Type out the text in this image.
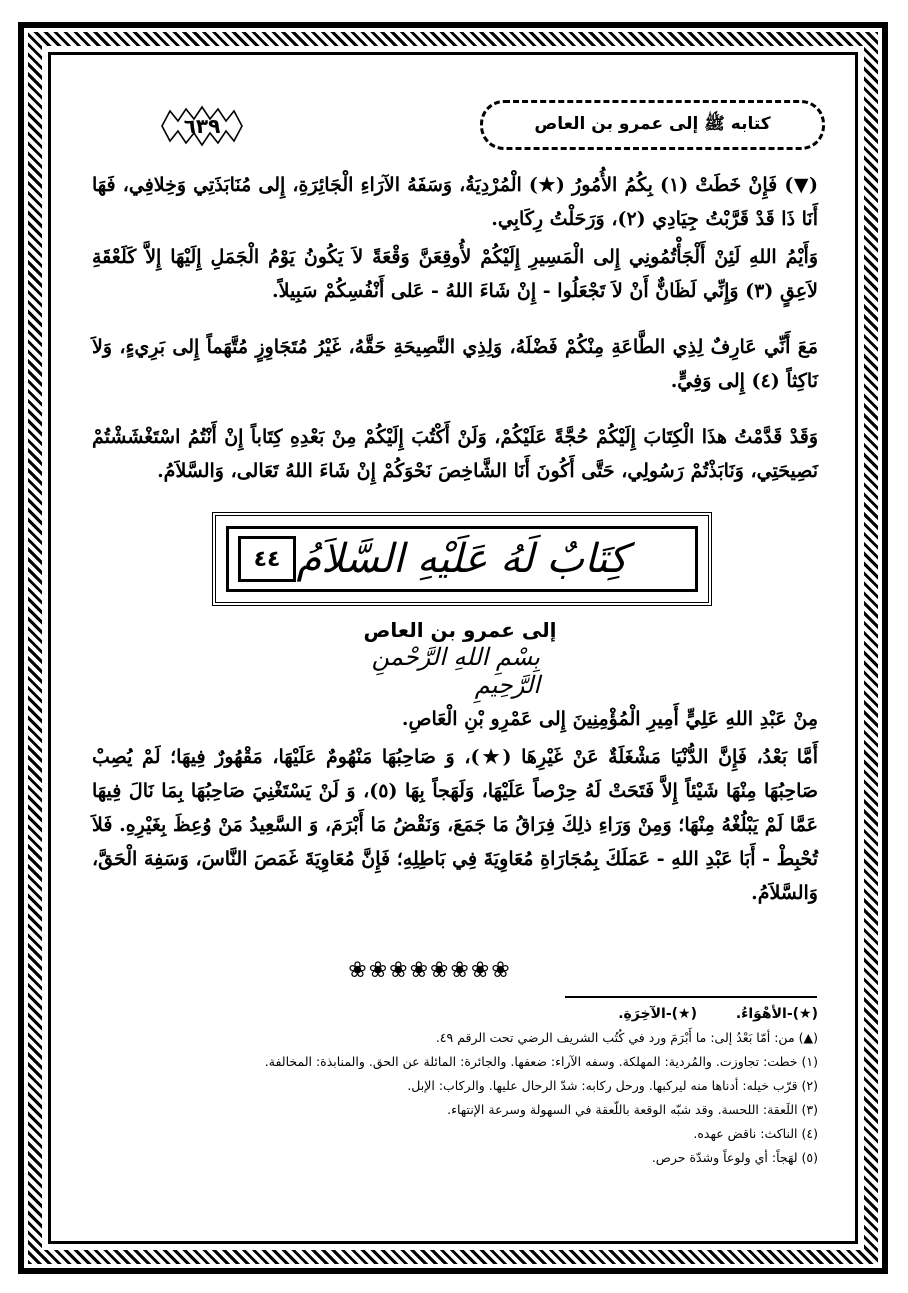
كتابه ﷺ إلى عمرو بن العاص
٦٣٩
(▼) فَإِنْ خَطَتْ (١) بِكُمُ الأُمُورُ (★) الْمُرْدِيَةُ، وَسَفَهُ الآرَاءِ الْجَائِرَةِ، إِلى مُنَابَذَتِي وَخِلافِي، فَهَا أَنَا ذَا قَدْ قَرَّبْتُ جِيَادِي (٢)، وَرَحَلْتُ رِكَابِي.
وَأَيْمُ اللهِ لَئِنْ أَلْجَأْتُمُونِي إِلى الْمَسِيرِ إِلَيْكُمْ لأُوقِعَنَّ وَقْعَةً لاَ يَكُونُ يَوْمُ الْجَمَلِ إِلَيْهَا إِلاَّ كَلَعْقَةِ لاَعِقٍ (٣) وَإِنِّي لَظَانٌّ أَنْ لاَ تَجْعَلُوا - إِنْ شَاءَ اللهُ - عَلى أَنْفُسِكُمْ سَبِيلاً.
مَعَ أَنِّي عَارِفٌ لِذِي الطَّاعَةِ مِنْكُمْ فَضْلَهُ، وَلِذِي النَّصِيحَةِ حَقَّهُ، غَيْرُ مُتَجَاوِزٍ مُتَّهَماً إِلى بَرِيءٍ، وَلاَ نَاكِثاً (٤) إِلى وَفِيٍّ.
وَقَدْ قَدَّمْتُ هذَا الْكِتَابَ إِلَيْكُمْ حُجَّةً عَلَيْكُمْ، وَلَنْ أَكْتُبَ إِلَيْكُمْ مِنْ بَعْدِهِ كِتَاباً إِنْ أَنْتُمُ اسْتَغْشَشْتُمْ نَصِيحَتِي، وَنَابَذْتُمْ رَسُولِي، حَتَّى أَكُونَ أَنَا الشَّاخِصَ نَحْوَكُمْ إِنْ شَاءَ اللهُ تَعَالى، وَالسَّلاَمُ.
كِتَابٌ لَهُ عَلَيْهِ السَّلاَمُ
٤٤
إلى عمرو بن العاص
بِسْمِ اللهِ الرَّحْمنِ الرَّحِيمِ
مِنْ عَبْدِ اللهِ عَلِيٍّ أَمِيرِ الْمُؤْمِنِينَ إِلى عَمْرِو بْنِ الْعَاصِ.
أَمَّا بَعْدُ، فَإِنَّ الدُّنْيَا مَشْغَلَةٌ عَنْ غَيْرِهَا (★)، وَ صَاحِبُهَا مَنْهُومٌ عَلَيْهَا، مَقْهُورٌ فِيهَا؛ لَمْ يُصِبْ صَاحِبُهَا مِنْهَا شَيْئاً إِلاَّ فَتَحَتْ لَهُ حِرْصاً عَلَيْهَا، وَلَهَجاً بِهَا (٥)، وَ لَنْ يَسْتَغْنِيَ صَاحِبُهَا بِمَا نَالَ فِيهَا عَمَّا لَمْ يَبْلُغْهُ مِنْهَا؛ وَمِنْ وَرَاءِ ذلِكَ فِرَاقُ مَا جَمَعَ، وَنَقْضُ مَا أَبْرَمَ، وَ السَّعِيدُ مَنْ وُعِظَ بِغَيْرِهِ. فَلاَ تُحْبِطْ - أَبَا عَبْدِ اللهِ - عَمَلَكَ بِمُجَارَاةِ مُعَاوِيَةَ فِي بَاطِلِهِ؛ فَإِنَّ مُعَاوِيَةَ غَمَصَ النَّاسَ، وَسَفِهَ الْحَقَّ، وَالسَّلاَمُ.
❀❀❀❀❀❀❀❀
(★)-الأهْوَاءُ. (★)-الآخِرَةِ.
(▲) من: أمّا بَعْدُ إلى: ما أَبْرَمَ ورد في كُتُب الشريف الرضي تحت الرقم ٤٩.
(١) خطت: تجاوزت. والمُردية: المهلكة. وسفه الآراء: ضعفها. والجائرة: المائلة عن الحق. والمنابذة: المخالفة.
(٢) قرّب خيله: أدناها منه ليركبها. ورحل ركابه: شدّ الرحال عليها. والركاب: الإبل.
(٣) اللَعقة: اللحسة. وقد شبّه الوقعة باللّعقة في السهولة وسرعة الإنتهاء.
(٤) الناكث: ناقض عهده.
(٥) لهَجاً: أي ولوعاً وشدّة حرص.
